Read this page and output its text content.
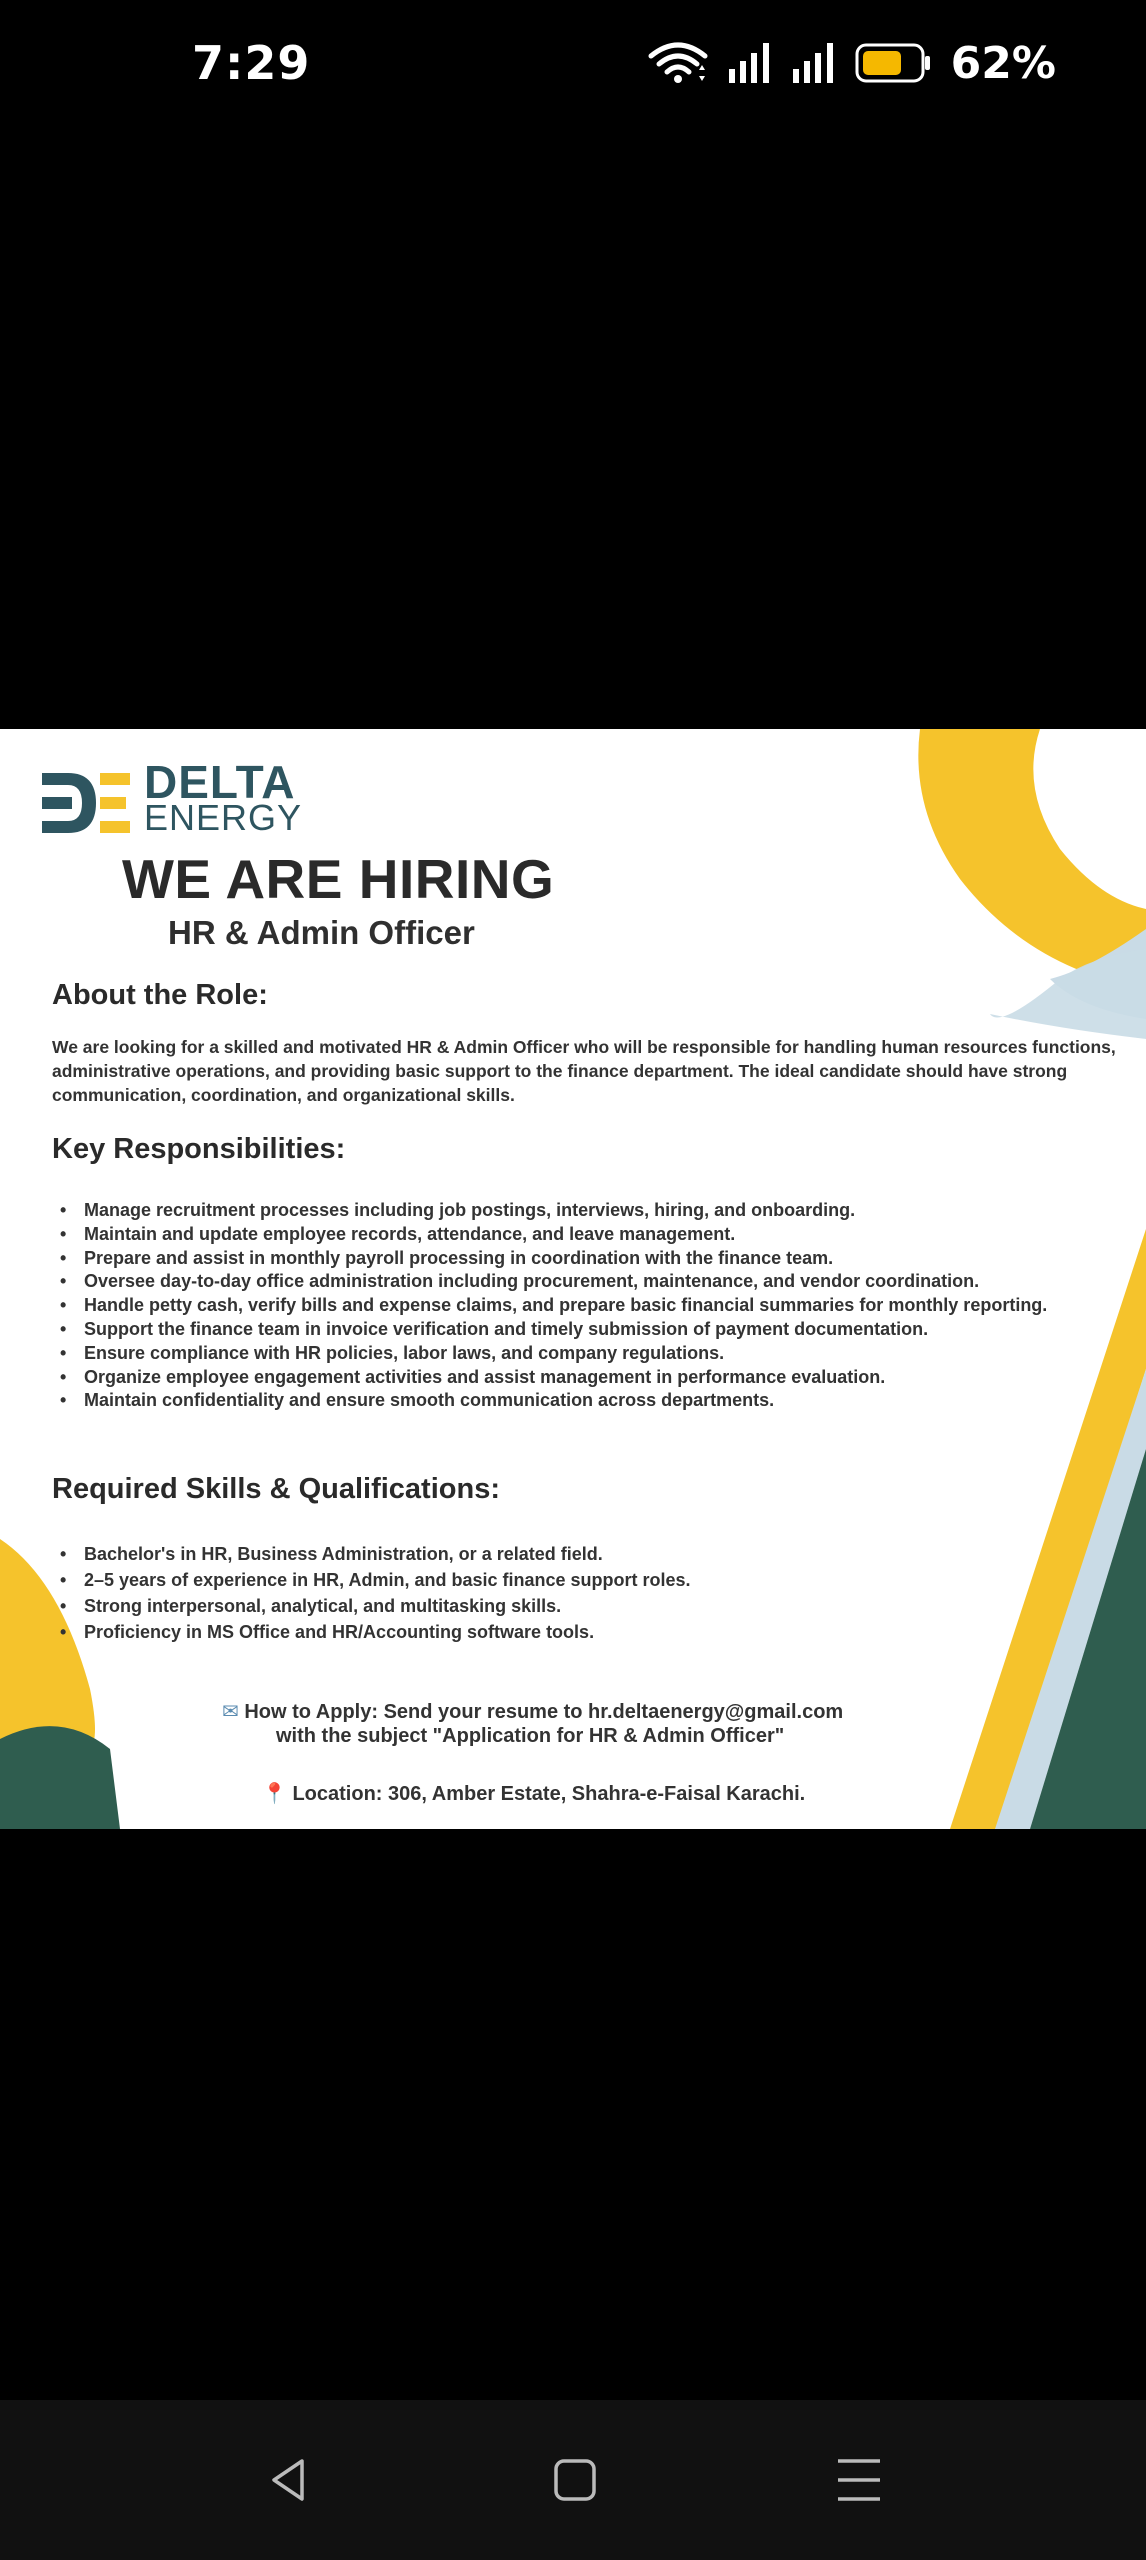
7:29	62%
DELTA
ENERGY
WE ARE HIRING
HR & Admin Officer
About the Role:
We are looking for a skilled and motivated HR & Admin Officer who will be responsible for handling human resources functions, administrative operations, and providing basic support to the finance department. The ideal candidate should have strong communication, coordination, and organizational skills.
Key Responsibilities:
• Manage recruitment processes including job postings, interviews, hiring, and onboarding.
• Maintain and update employee records, attendance, and leave management.
• Prepare and assist in monthly payroll processing in coordination with the finance team.
• Oversee day-to-day office administration including procurement, maintenance, and vendor coordination.
• Handle petty cash, verify bills and expense claims, and prepare basic financial summaries for monthly reporting.
• Support the finance team in invoice verification and timely submission of payment documentation.
• Ensure compliance with HR policies, labor laws, and company regulations.
• Organize employee engagement activities and assist management in performance evaluation.
• Maintain confidentiality and ensure smooth communication across departments.
Required Skills & Qualifications:
• Bachelor's in HR, Business Administration, or a related field.
• 2–5 years of experience in HR, Admin, and basic finance support roles.
• Strong interpersonal, analytical, and multitasking skills.
• Proficiency in MS Office and HR/Accounting software tools.
✉ How to Apply: Send your resume to hr.deltaenergy@gmail.com
with the subject "Application for HR & Admin Officer"
📍 Location: 306, Amber Estate, Shahra-e-Faisal Karachi.
